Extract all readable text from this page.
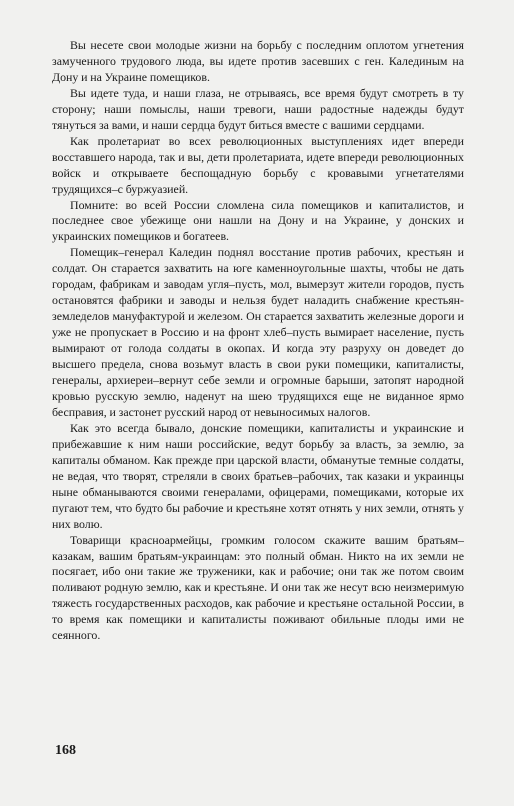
Вы несете свои молодые жизни на борьбу с последним оплотом угнетения замученного трудового люда, вы идете против засевших с ген. Калединым на Дону и на Украине помещиков.

Вы идете туда, и наши глаза, не отрываясь, все время будут смотреть в ту сторону; наши помыслы, наши тревоги, наши радостные надежды будут тянуться за вами, и наши сердца будут биться вместе с вашими сердцами.

Как пролетариат во всех революционных выступлениях идет впереди восставшего народа, так и вы, дети пролетариата, идете впереди революционных войск и открываете беспощадную борьбу с кровавыми угнетателями трудящихся–с буржуазией.

Помните: во всей России сломлена сила помещиков и капиталистов, и последнее свое убежище они нашли на Дону и на Украине, у донских и украинских помещиков и богатеев.

Помещик–генерал Каледин поднял восстание против рабочих, крестьян и солдат. Он старается захватить на юге каменноугольные шахты, чтобы не дать городам, фабрикам и заводам угля–пусть, мол, вымерзут жители городов, пусть остановятся фабрики и заводы и нельзя будет наладить снабжение крестьян-земледелов мануфактурой и железом. Он старается захватить железные дороги и уже не пропускает в Россию и на фронт хлеб–пусть вымирает население, пусть вымирают от голода солдаты в окопах. И когда эту разруху он доведет до высшего предела, снова возьмут власть в свои руки помещики, капиталисты, генералы, архиереи–вернут себе земли и огромные барыши, затопят народной кровью русскую землю, наденут на шею трудящихся еще не виданное ярмо бесправия, и застонет русский народ от невыносимых налогов.

Как это всегда бывало, донские помещики, капиталисты и украинские и прибежавшие к ним наши российские, ведут борьбу за власть, за землю, за капиталы обманом. Как прежде при царской власти, обманутые темные солдаты, не ведая, что творят, стреляли в своих братьев–рабочих, так казаки и украинцы ныне обманываются своими генералами, офицерами, помещиками, которые их пугают тем, что будто бы рабочие и крестьяне хотят отнять у них земли, отнять у них волю.

Товарищи красноармейцы, громким голосом скажите вашим братьям–казакам, вашим братьям-украинцам: это полный обман. Никто на их земли не посягает, ибо они такие же труженики, как и рабочие; они так же потом своим поливают родную землю, как и крестьяне. И они так же несут всю неизмеримую тяжесть государственных расходов, как рабочие и крестьяне остальной России, в то время как помещики и капиталисты поживают обильные плоды ими не сеянного.

168
